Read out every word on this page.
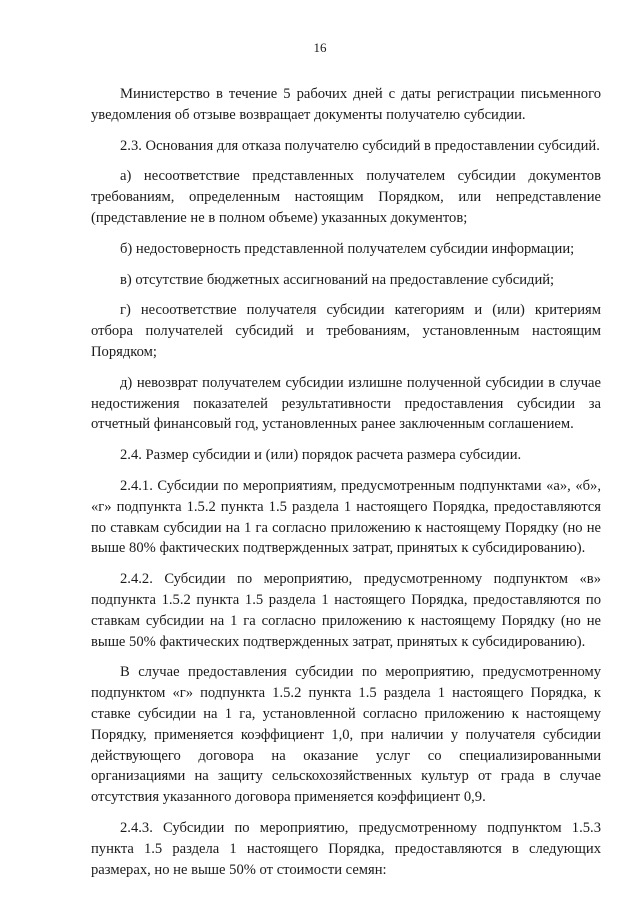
16

Министерство в течение 5 рабочих дней с даты регистрации письменного уведомления об отзыве возвращает документы получателю субсидии.

2.3. Основания для отказа получателю субсидий в предоставлении субсидий.

а) несоответствие представленных получателем субсидии документов требованиям, определенным настоящим Порядком, или непредставление (представление не в полном объеме) указанных документов;

б) недостоверность представленной получателем субсидии информации;

в) отсутствие бюджетных ассигнований на предоставление субсидий;

г) несоответствие получателя субсидии категориям и (или) критериям отбора получателей субсидий и требованиям, установленным настоящим Порядком;

д) невозврат получателем субсидии излишне полученной субсидии в случае недостижения показателей результативности предоставления субсидии за отчетный финансовый год, установленных ранее заключенным соглашением.

2.4. Размер субсидии и (или) порядок расчета размера субсидии.

2.4.1. Субсидии по мероприятиям, предусмотренным подпунктами «а», «б», «г» подпункта 1.5.2 пункта 1.5 раздела 1 настоящего Порядка, предоставляются по ставкам субсидии на 1 га согласно приложению к настоящему Порядку (но не выше 80% фактических подтвержденных затрат, принятых к субсидированию).

2.4.2. Субсидии по мероприятию, предусмотренному подпунктом «в» подпункта 1.5.2 пункта 1.5 раздела 1 настоящего Порядка, предоставляются по ставкам субсидии на 1 га согласно приложению к настоящему Порядку (но не выше 50% фактических подтвержденных затрат, принятых к субсидированию).

В случае предоставления субсидии по мероприятию, предусмотренному подпунктом «г» подпункта 1.5.2 пункта 1.5 раздела 1 настоящего Порядка, к ставке субсидии на 1 га, установленной согласно приложению к настоящему Порядку, применяется коэффициент 1,0, при наличии у получателя субсидии действующего договора на оказание услуг со специализированными организациями на защиту сельскохозяйственных культур от града в случае отсутствия указанного договора применяется коэффициент 0,9.

2.4.3. Субсидии по мероприятию, предусмотренному подпунктом 1.5.3 пункта 1.5 раздела 1 настоящего Порядка, предоставляются в следующих размерах, но не выше 50% от стоимости семян:
